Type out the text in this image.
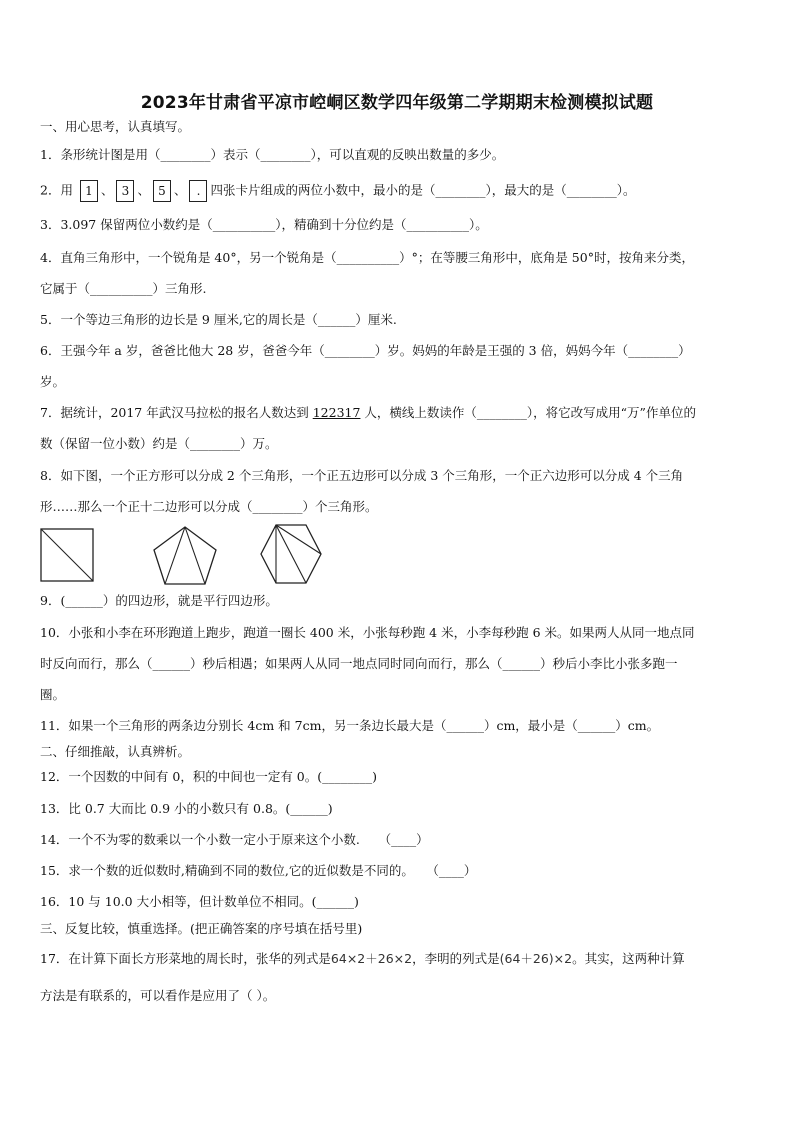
2023年甘肃省平凉市崆峒区数学四年级第二学期期末检测模拟试题
一、用心思考，认真填写。
1．条形统计图是用（________）表示（________），可以直观的反映出数量的多少。
2．用 1 、 3 、 5 、 . 四张卡片组成的两位小数中，最小的是（________），最大的是（________）。
3．3.097 保留两位小数约是（__________），精确到十分位约是（__________）。
4．直角三角形中，一个锐角是 40°，另一个锐角是（__________）°；在等腰三角形中，底角是 50°时，按角来分类，
它属于（__________）三角形.
5．一个等边三角形的边长是 9 厘米,它的周长是（______）厘米.
6．王强今年 a 岁，爸爸比他大 28 岁，爸爸今年（________）岁。妈妈的年龄是王强的 3 倍，妈妈今年（________）
岁。
7．据统计，2017 年武汉马拉松的报名人数达到 122317 人，横线上数读作（________），将它改写成用“万”作单位的
数（保留一位小数）约是（________）万。
8．如下图，一个正方形可以分成 2 个三角形，一个正五边形可以分成 3 个三角形，一个正六边形可以分成 4 个三角
形……那么一个正十二边形可以分成（________）个三角形。
9．(______）的四边形，就是平行四边形。
10．小张和小李在环形跑道上跑步，跑道一圈长 400 米，小张每秒跑 4 米，小李每秒跑 6 米。如果两人从同一地点同
时反向而行，那么（______）秒后相遇；如果两人从同一地点同时同向而行，那么（______）秒后小李比小张多跑一
圈。
11．如果一个三角形的两条边分别长 4cm 和 7cm，另一条边长最大是（______）cm，最小是（______）cm。
二、仔细推敲，认真辨析。
12．一个因数的中间有 0，积的中间也一定有 0。(________)
13．比 0.7 大而比 0.9 小的小数只有 0.8。(______)
14．一个不为零的数乘以一个小数一定小于原来这个小数.　　（____）
15．求一个数的近似数时,精确到不同的数位,它的近似数是不同的。　　（____）
16．10 与 10.0 大小相等，但计数单位不相同。(______)
三、反复比较，慎重选择。(把正确答案的序号填在括号里)
17．在计算下面长方形菜地的周长时，张华的列式是64×2＋26×2，李明的列式是(64＋26)×2。其实，这两种计算
方法是有联系的，可以看作是应用了（ ）。
